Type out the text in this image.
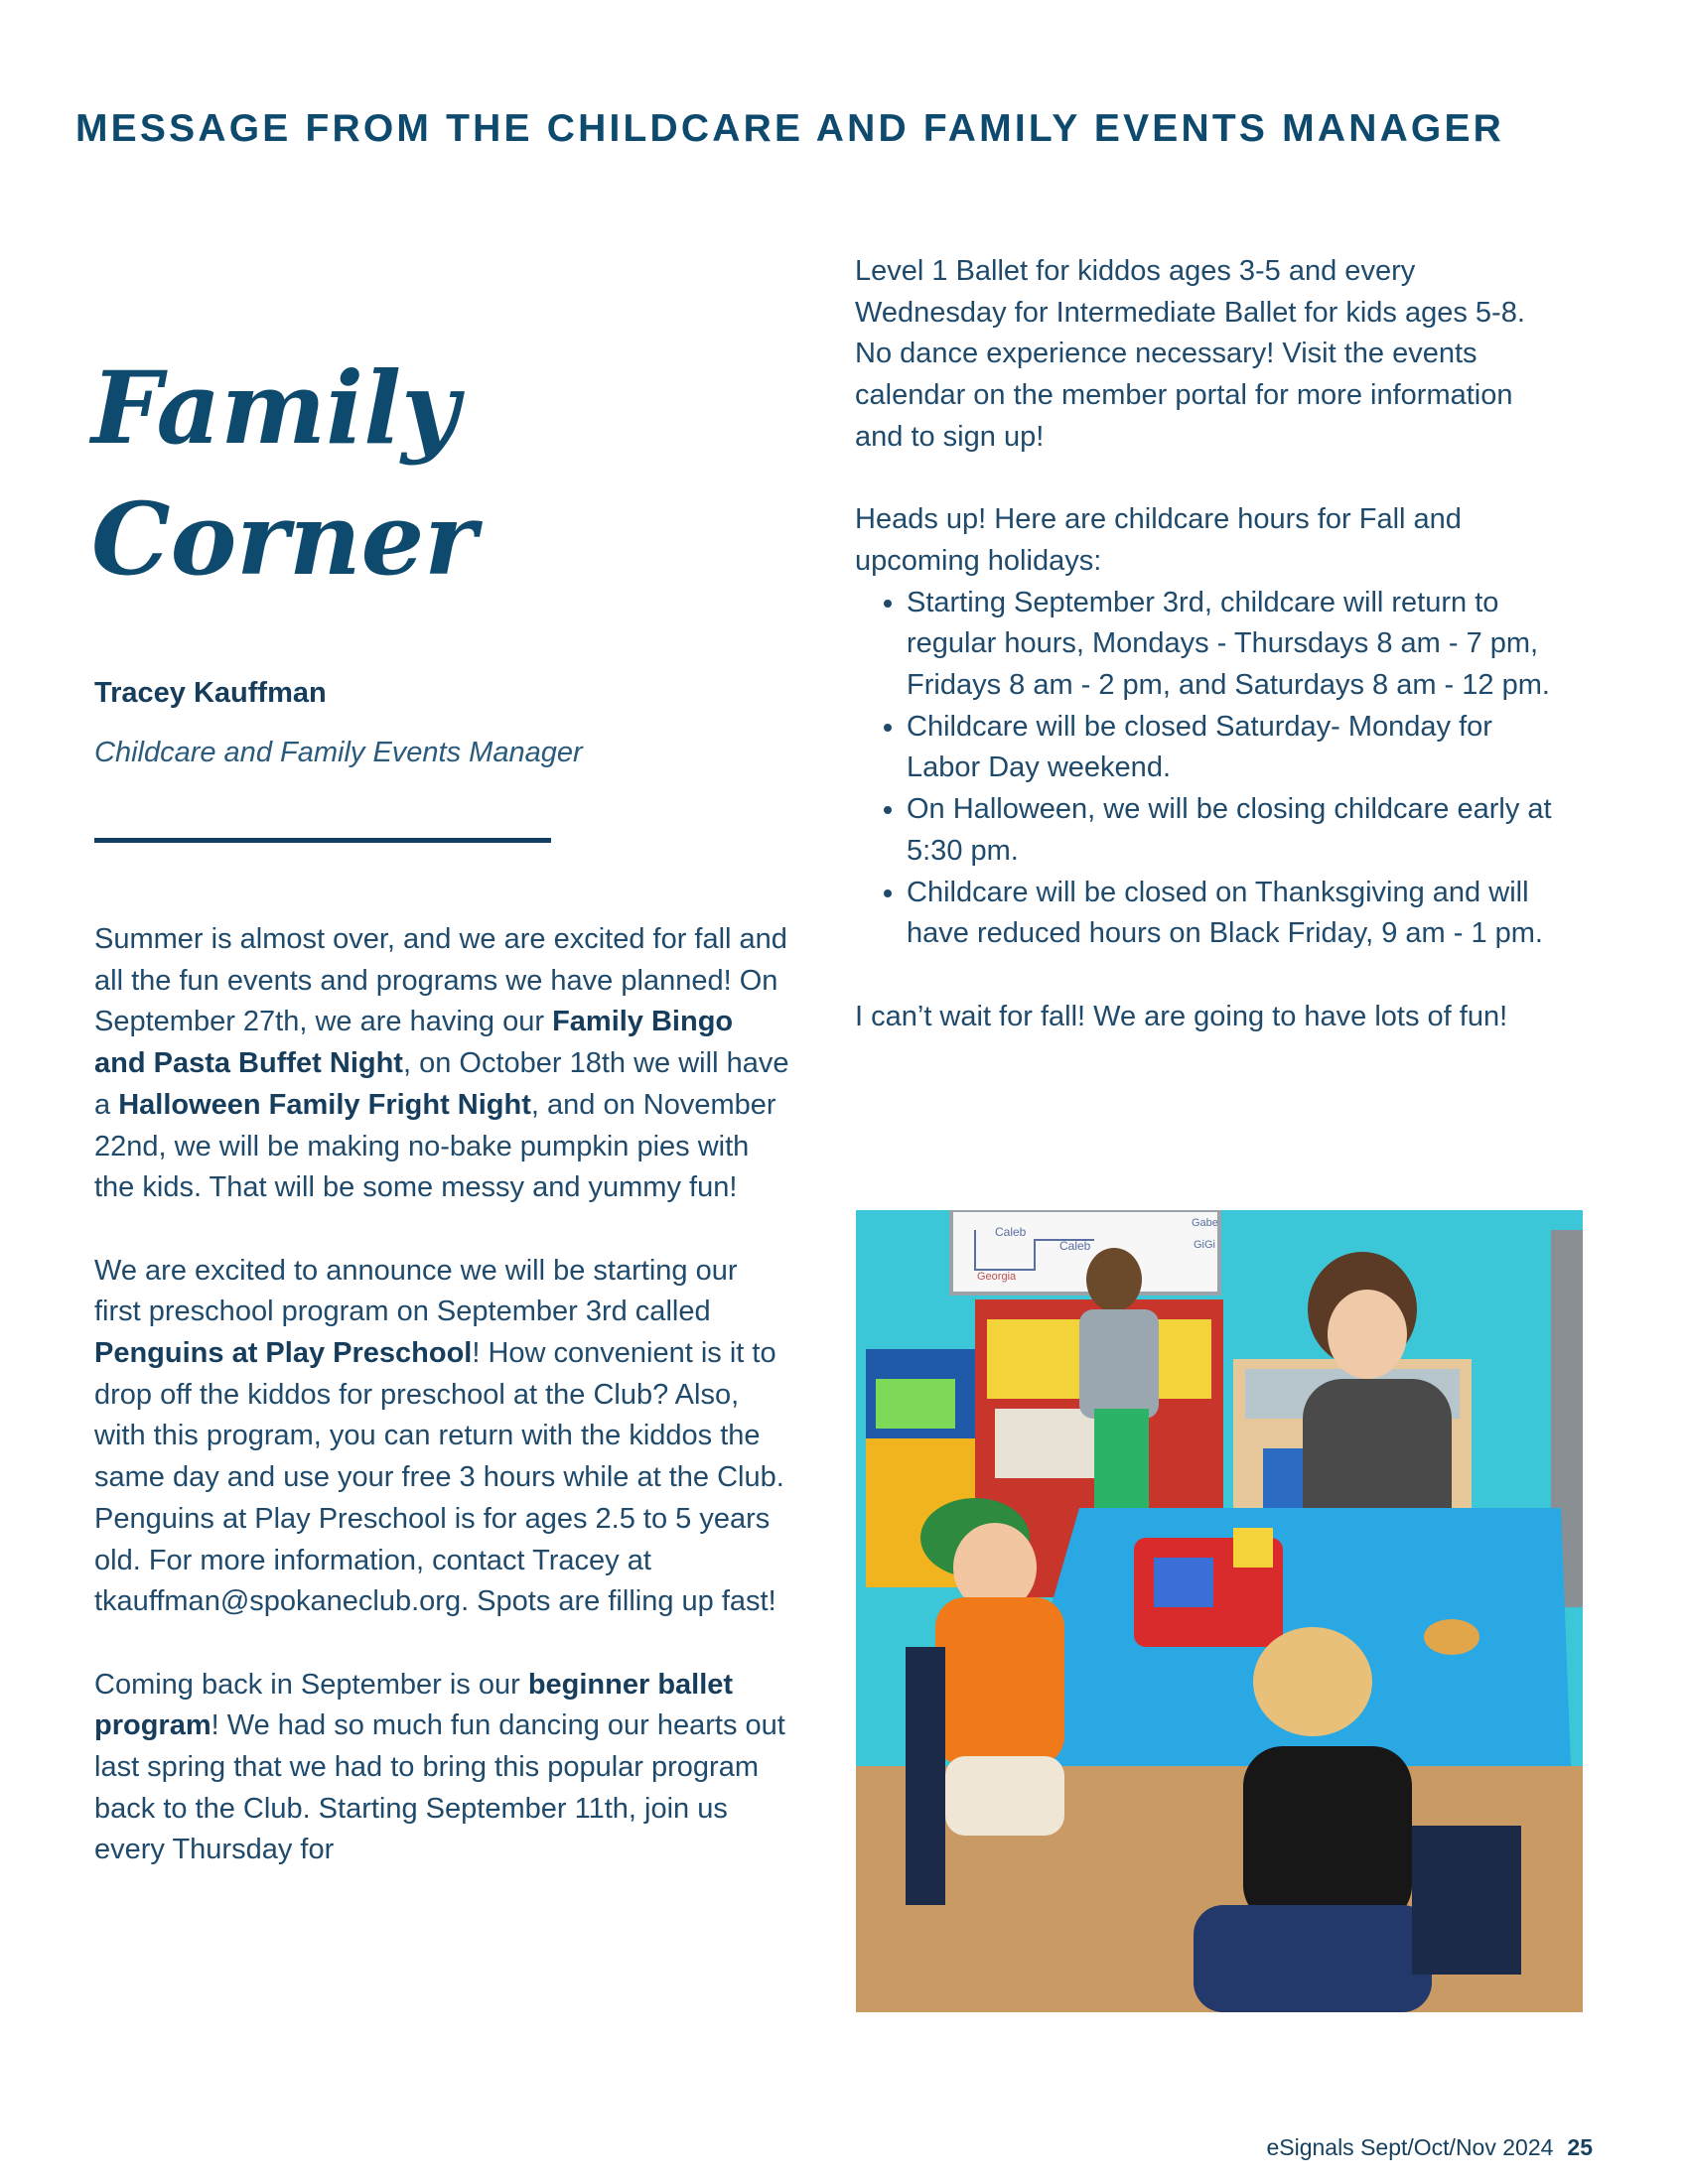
MESSAGE FROM THE CHILDCARE AND FAMILY EVENTS MANAGER
Family
Corner
Tracey Kauffman
Childcare and Family Events Manager

Summer is almost over, and we are excited for fall and all the fun events and programs we have planned! On September 27th, we are having our Family Bingo and Pasta Buffet Night, on October 18th we will have a Halloween Family Fright Night, and on November 22nd, we will be making no-bake pumpkin pies with the kids. That will be some messy and yummy fun!

We are excited to announce we will be starting our first preschool program on September 3rd called Penguins at Play Preschool! How convenient is it to drop off the kiddos for preschool at the Club? Also, with this program, you can return with the kiddos the same day and use your free 3 hours while at the Club. Penguins at Play Preschool is for ages 2.5 to 5 years old. For more information, contact Tracey at tkauffman@spokaneclub.org. Spots are filling up fast!

Coming back in September is our beginner ballet program! We had so much fun dancing our hearts out last spring that we had to bring this popular program back to the Club. Starting September 11th, join us every Thursday for

Level 1 Ballet for kiddos ages 3-5 and every Wednesday for Intermediate Ballet for kids ages 5-8. No dance experience necessary! Visit the events calendar on the member portal for more information and to sign up!

Heads up! Here are childcare hours for Fall and upcoming holidays:
• Starting September 3rd, childcare will return to regular hours, Mondays - Thursdays 8 am - 7 pm, Fridays 8 am - 2 pm, and Saturdays 8 am - 12 pm.
• Childcare will be closed Saturday- Monday for Labor Day weekend.
• On Halloween, we will be closing childcare early at 5:30 pm.
• Childcare will be closed on Thanksgiving and will have reduced hours on Black Friday, 9 am - 1 pm.

I can’t wait for fall! We are going to have lots of fun!

Caleb
Caleb
Georgia
Gabe
GiGi
eSignals Sept/Oct/Nov 2024 25
